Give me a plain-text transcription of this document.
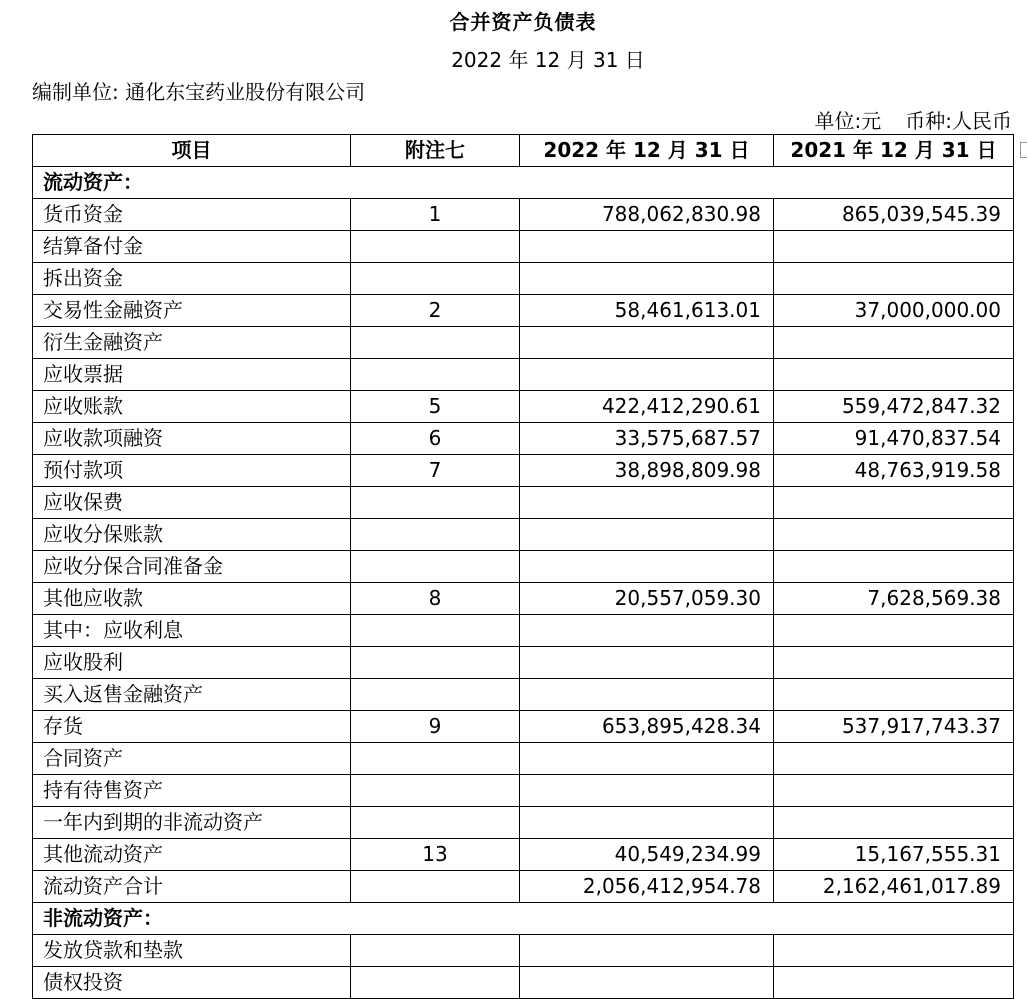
合并资产负债表
2022 年 12 月 31 日
编制单位: 通化东宝药业股份有限公司
单位:元 币种:人民币
项目	附注七	2022 年 12 月 31 日	2021 年 12 月 31 日
流动资产：			
货币资金	1	788,062,830.98	865,039,545.39
结算备付金			
拆出资金			
交易性金融资产	2	58,461,613.01	37,000,000.00
衍生金融资产			
应收票据			
应收账款	5	422,412,290.61	559,472,847.32
应收款项融资	6	33,575,687.57	91,470,837.54
预付款项	7	38,898,809.98	48,763,919.58
应收保费			
应收分保账款			
应收分保合同准备金			
其他应收款	8	20,557,059.30	7,628,569.38
其中：应收利息			
应收股利			
买入返售金融资产			
存货	9	653,895,428.34	537,917,743.37
合同资产			
持有待售资产			
一年内到期的非流动资产			
其他流动资产	13	40,549,234.99	15,167,555.31
流动资产合计		2,056,412,954.78	2,162,461,017.89
非流动资产：			
发放贷款和垫款			
债权投资			
